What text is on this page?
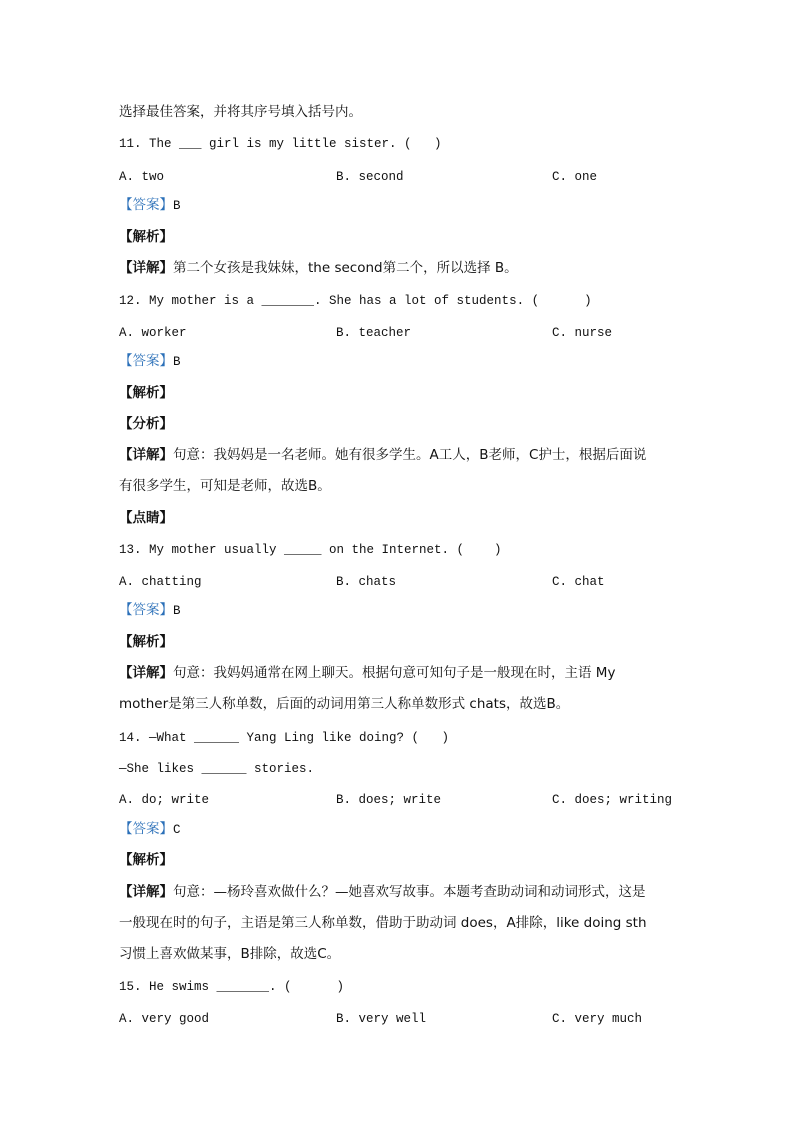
选择最佳答案，并将其序号填入括号内。
11. The ___ girl is my little sister. (   )
A. two	B. second	C. one
【答案】B
【解析】
【详解】第二个女孩是我妹妹，the second第二个，所以选择 B。
12. My mother is a _______. She has a lot of students. (      )
A. worker	B. teacher	C. nurse
【答案】B
【解析】
【分析】
【详解】句意：我妈妈是一名老师。她有很多学生。A工人，B老师，C护士，根据后面说
有很多学生，可知是老师，故选B。
【点睛】
13. My mother usually _____ on the Internet. (    )
A. chatting	B. chats	C. chat
【答案】B
【解析】
【详解】句意：我妈妈通常在网上聊天。根据句意可知句子是一般现在时，主语 My
mother是第三人称单数，后面的动词用第三人称单数形式 chats，故选B。
14. —What ______ Yang Ling like doing? (   )
—She likes ______ stories.
A. do; write	B. does; write	C. does; writing
【答案】C
【解析】
【详解】句意：—杨玲喜欢做什么？—她喜欢写故事。本题考查助动词和动词形式，这是
一般现在时的句子，主语是第三人称单数，借助于助动词 does，A排除，like doing sth
习惯上喜欢做某事，B排除，故选C。
15. He swims _______. (      )
A. very good	B. very well	C. very much
